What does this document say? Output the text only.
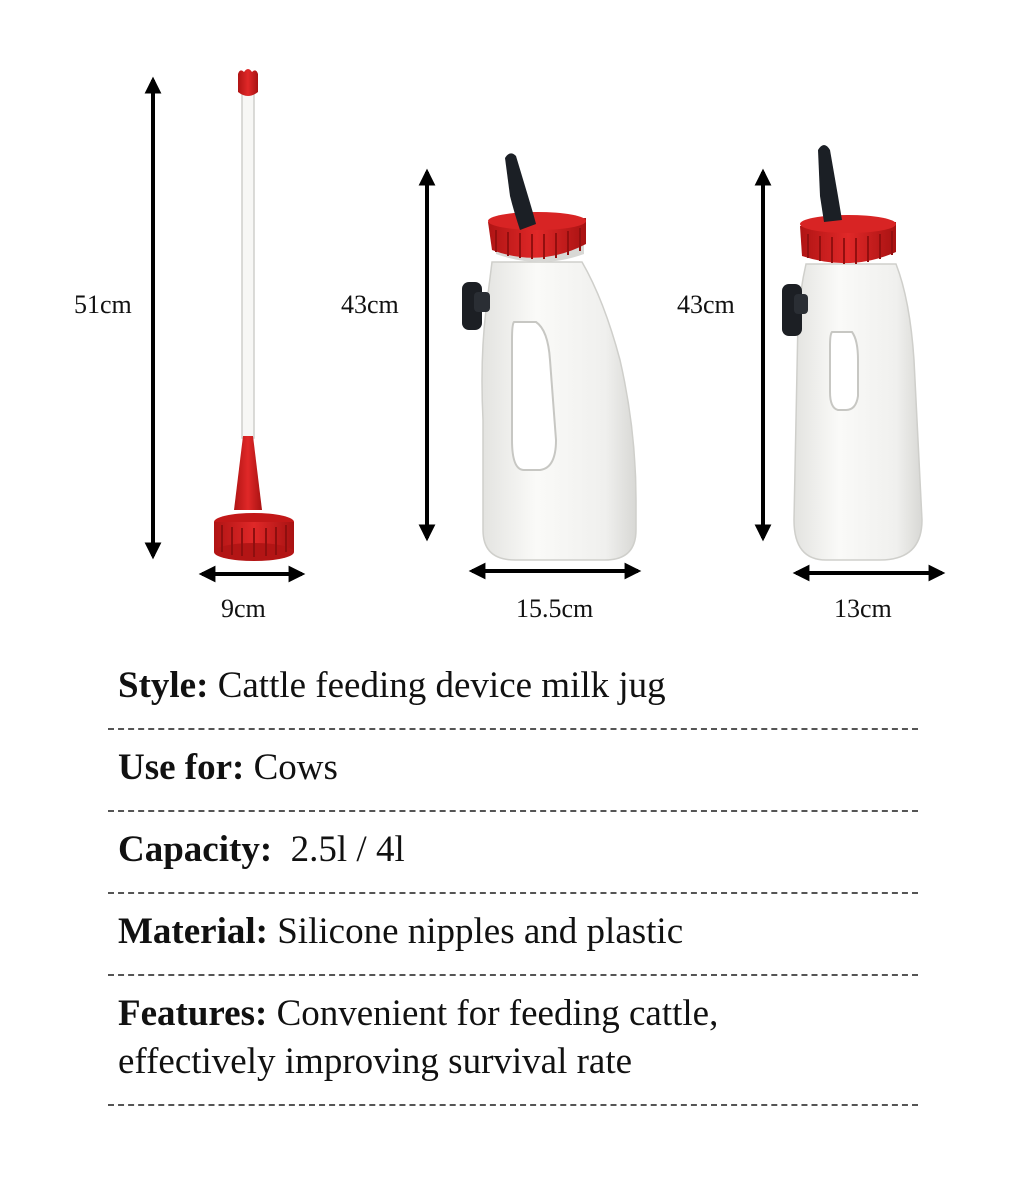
51cm
9cm
43cm
15.5cm
43cm
13cm

Style: Cattle feeding device milk jug

Use for: Cows

Capacity:  2.5l / 4l

Material: Silicone nipples and plastic

Features: Convenient for feeding cattle, effectively improving survival rate
